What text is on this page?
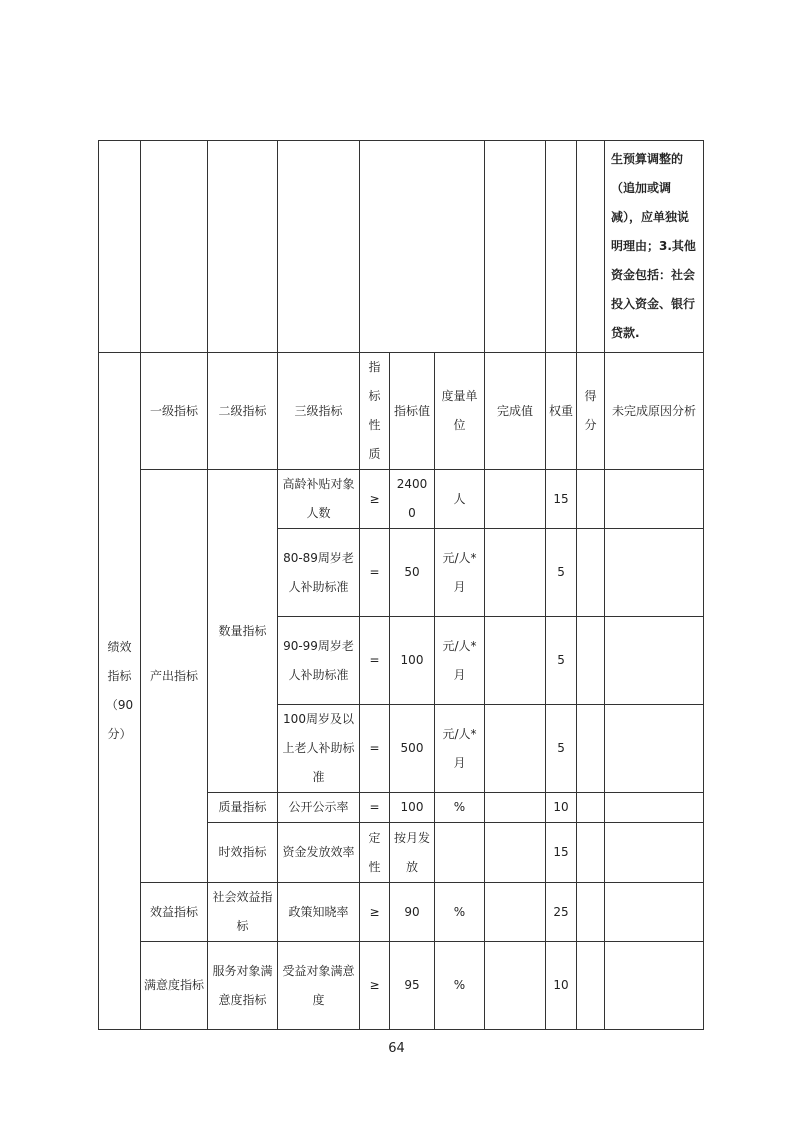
										生预算调整的（追加或调减），应单独说明理由；3.其他资金包括：社会投入资金、银行贷款.
绩效指标（90分）	一级指标	二级指标	三级指标	指标性质	指标值	度量单位	完成值	权重	得分	未完成原因分析
	产出指标	数量指标	高龄补贴对象人数	≥	24000	人		15		
			80-89周岁老人补助标准	=	50	元/人*月		5		
			90-99周岁老人补助标准	=	100	元/人*月		5		
			100周岁及以上老人补助标准	=	500	元/人*月		5		
		质量指标	公开公示率	=	100	%		10		
		时效指标	资金发放效率	定性	按月发放			15		
	效益指标	社会效益指标	政策知晓率	≥	90	%		25		
	满意度指标	服务对象满意度指标	受益对象满意度	≥	95	%		10		
64
